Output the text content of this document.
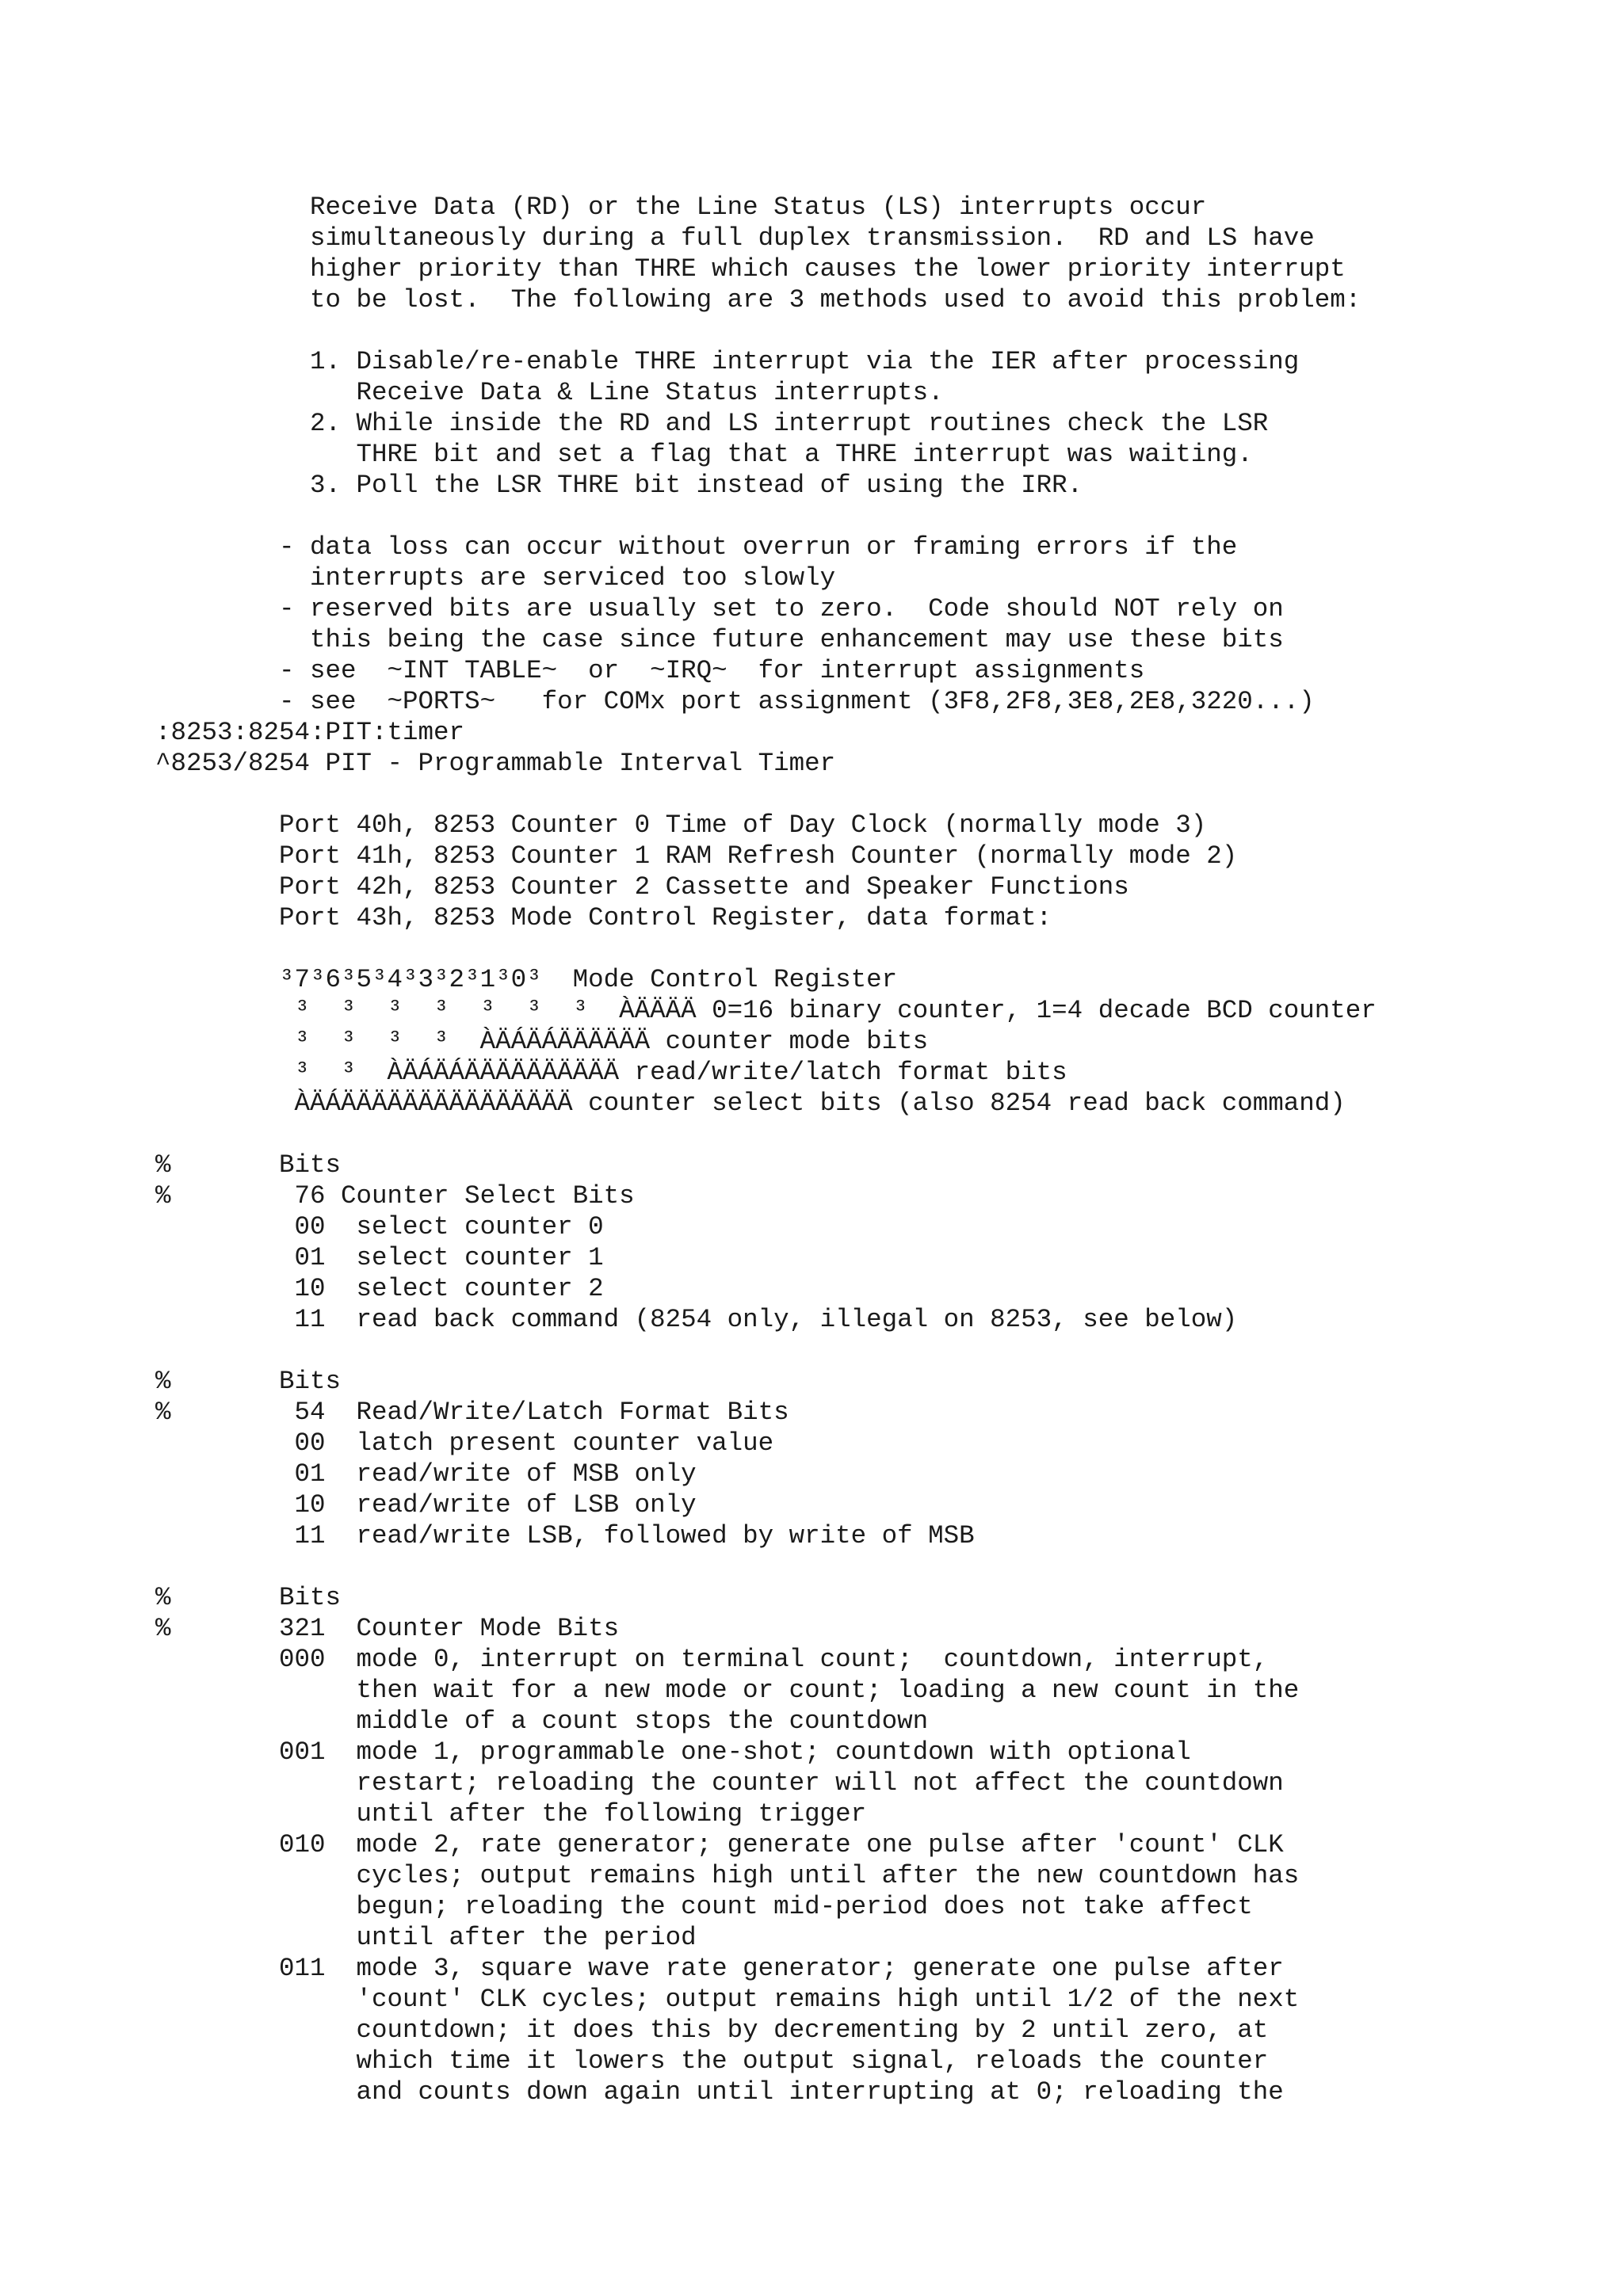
Receive Data (RD) or the Line Status (LS) interrupts occur
simultaneously during a full duplex transmission.  RD and LS have
higher priority than THRE which causes the lower priority interrupt
to be lost.  The following are 3 methods used to avoid this problem:
1. Disable/re-enable THRE interrupt via the IER after processing
Receive Data & Line Status interrupts.
2. While inside the RD and LS interrupt routines check the LSR
THRE bit and set a flag that a THRE interrupt was waiting.
3. Poll the LSR THRE bit instead of using the IRR.
- data loss can occur without overrun or framing errors if the
interrupts are serviced too slowly
- reserved bits are usually set to zero.  Code should NOT rely on
this being the case since future enhancement may use these bits
- see  ~INT TABLE~  or  ~IRQ~  for interrupt assignments
- see  ~PORTS~   for COMx port assignment (3F8,2F8,3E8,2E8,3220...)
:8253:8254:PIT:timer
^8253/8254 PIT - Programmable Interval Timer
Port 40h, 8253 Counter 0 Time of Day Clock (normally mode 3)
Port 41h, 8253 Counter 1 RAM Refresh Counter (normally mode 2)
Port 42h, 8253 Counter 2 Cassette and Speaker Functions
Port 43h, 8253 Mode Control Register, data format:
³7³6³5³4³3³2³1³0³  Mode Control Register
³  ³  ³  ³  ³  ³  ³  ÀÄÄÄÄ 0=16 binary counter, 1=4 decade BCD counter
³  ³  ³  ³  ÀÄÁÄÁÄÄÄÄÄÄ counter mode bits
³  ³  ÀÄÁÄÁÄÄÄÄÄÄÄÄÄÄ read/write/latch format bits
ÀÄÁÄÄÄÄÄÄÄÄÄÄÄÄÄÄÄ counter select bits (also 8254 read back command)
%       Bits
%        76 Counter Select Bits
00  select counter 0
01  select counter 1
10  select counter 2
11  read back command (8254 only, illegal on 8253, see below)
%       Bits
%        54  Read/Write/Latch Format Bits
00  latch present counter value
01  read/write of MSB only
10  read/write of LSB only
11  read/write LSB, followed by write of MSB
%       Bits
%       321  Counter Mode Bits
000  mode 0, interrupt on terminal count;  countdown, interrupt,
then wait for a new mode or count; loading a new count in the
middle of a count stops the countdown
001  mode 1, programmable one-shot; countdown with optional
restart; reloading the counter will not affect the countdown
until after the following trigger
010  mode 2, rate generator; generate one pulse after 'count' CLK
cycles; output remains high until after the new countdown has
begun; reloading the count mid-period does not take affect
until after the period
011  mode 3, square wave rate generator; generate one pulse after
'count' CLK cycles; output remains high until 1/2 of the next
countdown; it does this by decrementing by 2 until zero, at
which time it lowers the output signal, reloads the counter
and counts down again until interrupting at 0; reloading the
